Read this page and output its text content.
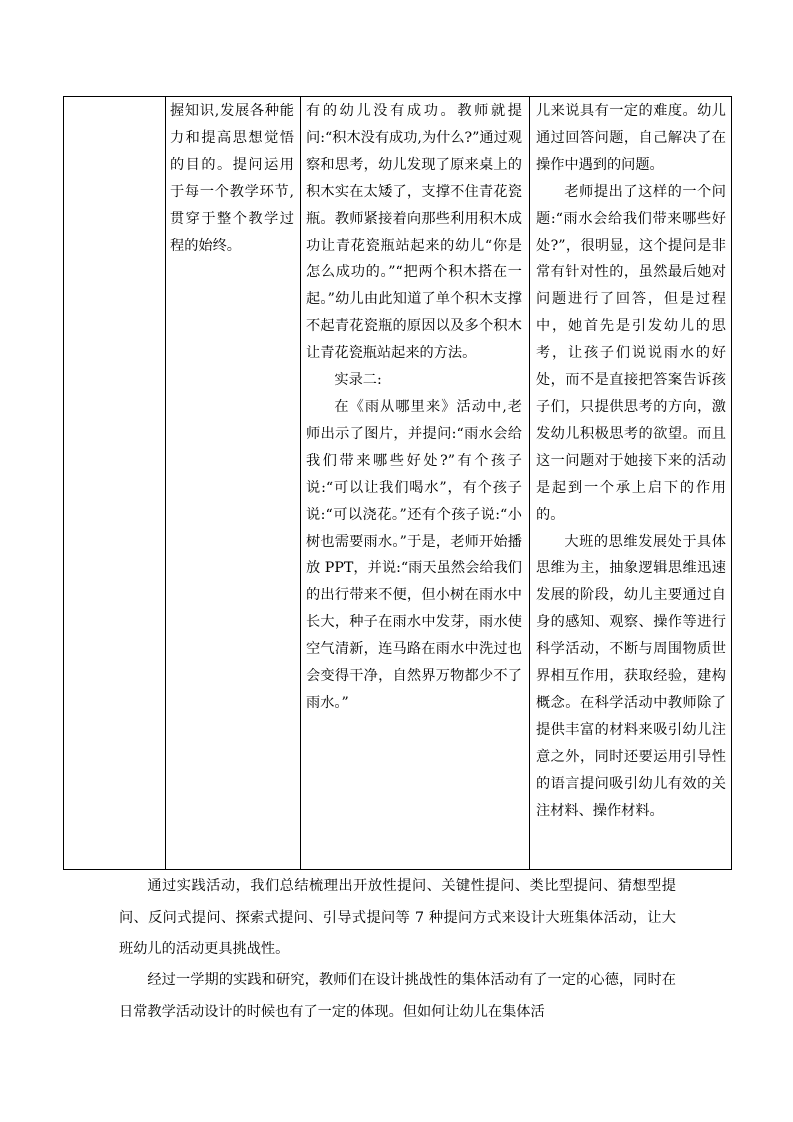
握知识,发展各种能力和提高思想觉悟的目的。提问运用于每一个教学环节,贯穿于整个教学过程的始终。

有的幼儿没有成功。教师就提问:“积木没有成功,为什么?”通过观察和思考，幼儿发现了原来桌上的积木实在太矮了，支撑不住青花瓷瓶。教师紧接着向那些利用积木成功让青花瓷瓶站起来的幼儿“你是怎么成功的。”“把两个积木搭在一起。”幼儿由此知道了单个积木支撑不起青花瓷瓶的原因以及多个积木让青花瓷瓶站起来的方法。

实录二:

在《雨从哪里来》活动中,老师出示了图片，并提问:“雨水会给我们带来哪些好处?”有个孩子说:“可以让我们喝水”，有个孩子说:“可以浇花。”还有个孩子说:“小树也需要雨水。”于是，老师开始播放 PPT，并说:“雨天虽然会给我们的出行带来不便，但小树在雨水中长大，种子在雨水中发芽，雨水使空气清新，连马路在雨水中洗过也会变得干净，自然界万物都少不了雨水。”

儿来说具有一定的难度。幼儿通过回答问题，自己解决了在操作中遇到的问题。

老师提出了这样的一个问题:“雨水会给我们带来哪些好处?”，很明显，这个提问是非常有针对性的，虽然最后她对问题进行了回答，但是过程中，她首先是引发幼儿的思考，让孩子们说说雨水的好处，而不是直接把答案告诉孩子们，只提供思考的方向，激发幼儿积极思考的欲望。而且这一问题对于她接下来的活动是起到一个承上启下的作用的。

大班的思维发展处于具体思维为主，抽象逻辑思维迅速发展的阶段，幼儿主要通过自身的感知、观察、操作等进行科学活动，不断与周围物质世界相互作用，获取经验，建构概念。在科学活动中教师除了提供丰富的材料来吸引幼儿注意之外，同时还要运用引导性的语言提问吸引幼儿有效的关注材料、操作材料。

通过实践活动，我们总结梳理出开放性提问、关键性提问、类比型提问、猜想型提问、反问式提问、探索式提问、引导式提问等 7 种提问方式来设计大班集体活动，让大班幼儿的活动更具挑战性。

经过一学期的实践和研究，教师们在设计挑战性的集体活动有了一定的心德，同时在日常教学活动设计的时候也有了一定的体现。但如何让幼儿在集体活
